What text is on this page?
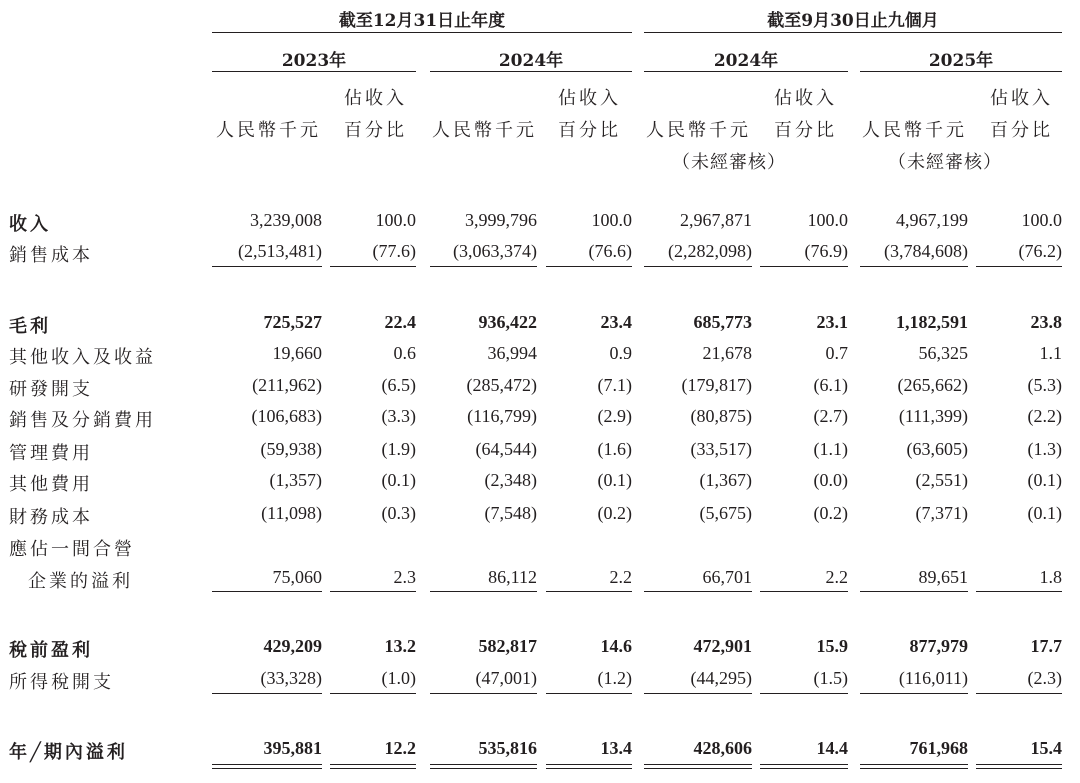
截至12月31日止年度	截至9月30日止九個月
2023年	2024年	2024年	2025年
佔收入	佔收入	佔收入	佔收入
人民幣千元 百分比 人民幣千元 百分比 人民幣千元 百分比 人民幣千元 百分比
（未經審核）	（未經審核）
收入	3,239,008	100.0	3,999,796	100.0	2,967,871	100.0	4,967,199	100.0
銷售成本	(2,513,481)	(77.6) (3,063,374)	(76.6) (2,282,098)	(76.9) (3,784,608)	(76.2)
毛利	725,527	22.4	936,422	23.4	685,773	23.1	1,182,591	23.8
其他收入及收益	19,660	0.6	36,994	0.9	21,678	0.7	56,325	1.1
研發開支	(211,962)	(6.5)	(285,472)	(7.1)	(179,817)	(6.1)	(265,662)	(5.3)
銷售及分銷費用	(106,683)	(3.3)	(116,799)	(2.9)	(80,875)	(2.7)	(111,399)	(2.2)
管理費用	(59,938)	(1.9)	(64,544)	(1.6)	(33,517)	(1.1)	(63,605)	(1.3)
其他費用	(1,357)	(0.1)	(2,348)	(0.1)	(1,367)	(0.0)	(2,551)	(0.1)
財務成本	(11,098)	(0.3)	(7,548)	(0.2)	(5,675)	(0.2)	(7,371)	(0.1)
應佔一間合營
企業的溢利	75,060	2.3	86,112	2.2	66,701	2.2	89,651	1.8
稅前盈利	429,209	13.2	582,817	14.6	472,901	15.9	877,979	17.7
所得稅開支	(33,328)	(1.0)	(47,001)	(1.2)	(44,295)	(1.5)	(116,011)	(2.3)
年╱期內溢利	395,881	12.2	535,816	13.4	428,606	14.4	761,968	15.4
